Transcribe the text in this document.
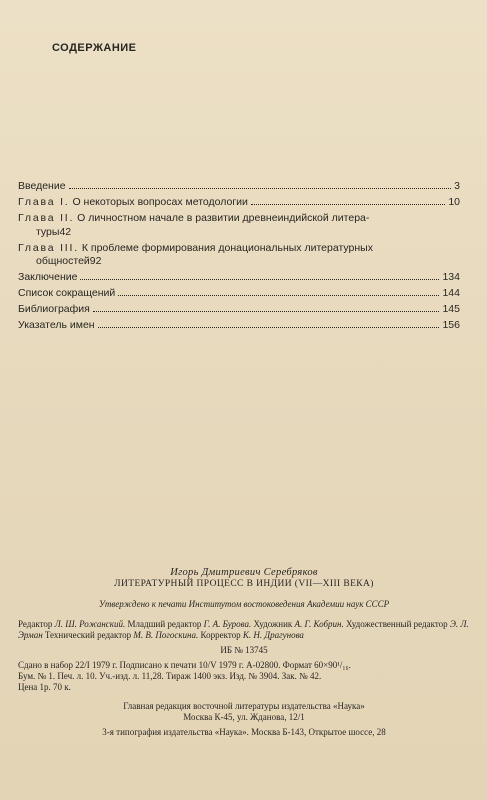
СОДЕРЖАНИЕ
Введение	3
Глава I. О некоторых вопросах методологии	10
Глава II. О личностном начале в развитии древнеиндийской литера-
туры 42
Глава III. К проблеме формирования донациональных литературных
общностей 92
Заключение	134
Список сокращений	144
Библиография	145
Указатель имен	156
Игорь Дмитриевич Серебряков
ЛИТЕРАТУРНЫЙ ПРОЦЕСС В ИНДИИ (VII—XIII ВЕКА)
Утверждено к печати Институтом востоковедения Академии наук СССР
Редактор Л. Ш. Рожанский. Младший редактор Г. А. Бурова. Художник А. Г. Кобрин. Художественный редактор Э. Л. Эрман Технический редактор М. В. Погоскина. Корректор К. Н. Драгунова
ИБ № 13745
Сдано в набор 22/I 1979 г. Подписано к печати 10/V 1979 г. А-02800. Формат 60×90¹/₁₆.
Бум. № 1. Печ. л. 10. Уч.-изд. л. 11,28. Тираж 1400 экз. Изд. № 3904. Зак. № 42.
Цена 1р. 70 к.
Главная редакция восточной литературы издательства «Наука»
Москва К-45, ул. Жданова, 12/1
3-я типография издательства «Наука». Москва Б-143, Открытое шоссе, 28
